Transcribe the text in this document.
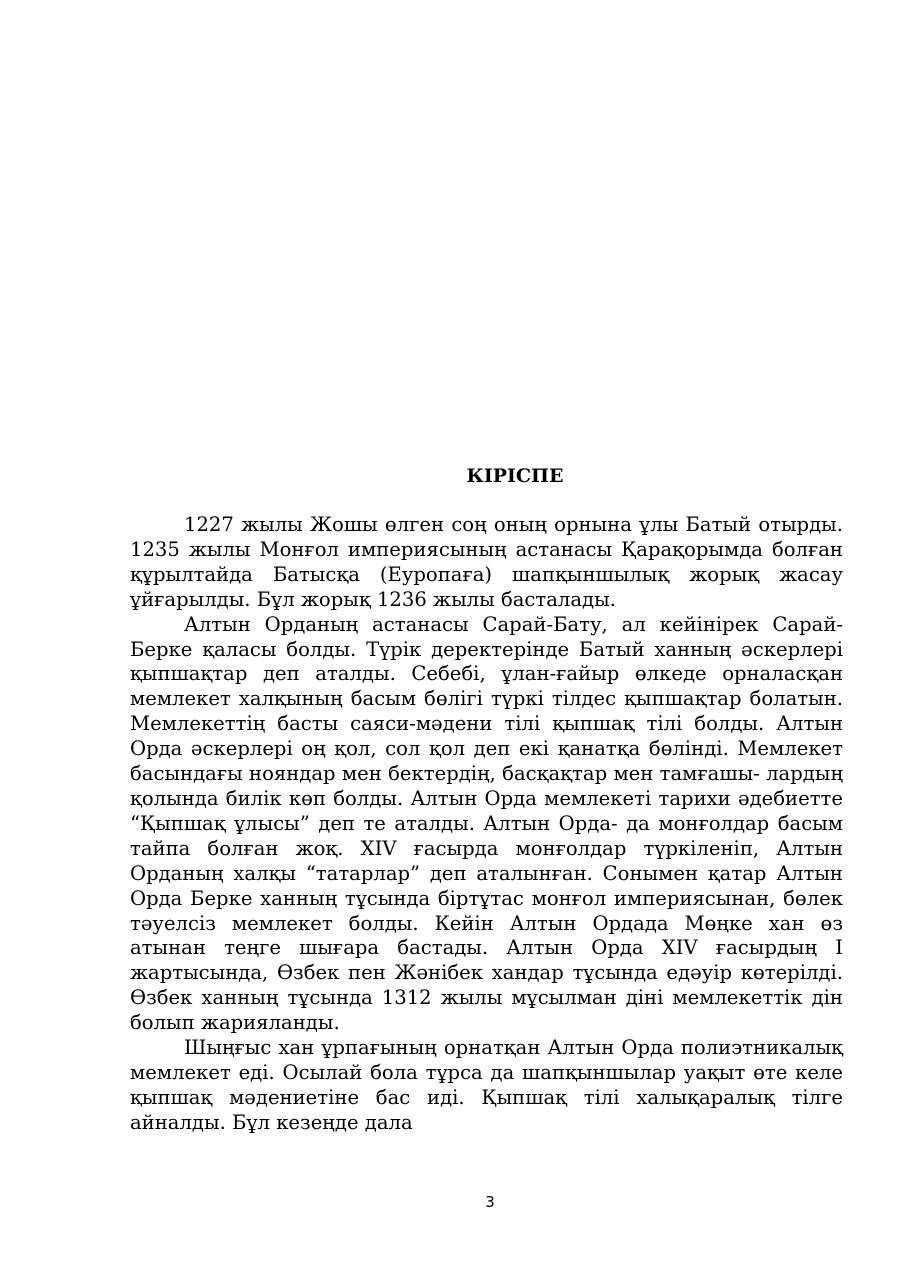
КІРІСПЕ

1227 жылы Жошы өлген соң оның орнына ұлы Батый отырды. 1235 жылы Монғол империясының астанасы Қарақорымда болған құрылтайда Батысқа (Еуропаға) шапқыншылық жорық жасау ұйғарылды. Бұл жорық 1236 жылы басталады.

Алтын Орданың астанасы Сарай-Бату, ал кейінірек Сарай-Берке қаласы болды. Түрік деректерінде Батый ханның әскерлері қыпшақтар деп аталды. Себебі, ұлан-ғайыр өлкеде орналасқан мемлекет халқының басым бөлігі түркі тілдес қыпшақтар болатын. Мемлекеттің басты саяси-мәдени тілі қыпшақ тілі болды. Алтын Орда әскерлері оң қол, сол қол деп екі қанатқа бөлінді. Мемлекет басындағы нояндар мен бектердің, басқақтар мен тамғашы- лардың қолында билік көп болды. Алтын Орда мемлекеті тарихи әдебиетте “Қыпшақ ұлысы” деп те аталды. Алтын Орда- да монғолдар басым тайпа болған жоқ. XIV ғасырда монғолдар түркіленіп, Алтын Орданың халқы “татарлар” деп аталынған. Сонымен қатар Алтын Орда Берке ханның тұсында біртұтас монғол империясынан, бөлек тәуелсіз мемлекет болды. Кейін Алтын Ордада Мөңке хан өз атынан теңге шығара бастады. Алтын Орда XIV ғасырдың I жартысында, Өзбек пен Жәнібек хандар тұсында едәуір көтерілді. Өзбек ханның тұсында 1312 жылы мұсылман діні мемлекеттік дін болып жарияланды.

Шыңғыс хан ұрпағының орнатқан Алтын Орда полиэтникалық мемлекет еді. Осылай бола тұрса да шапқыншылар уақыт өте келе қыпшақ мәдениетіне бас иді. Қыпшақ тілі халықаралық тілге айналды. Бұл кезеңде дала

3
